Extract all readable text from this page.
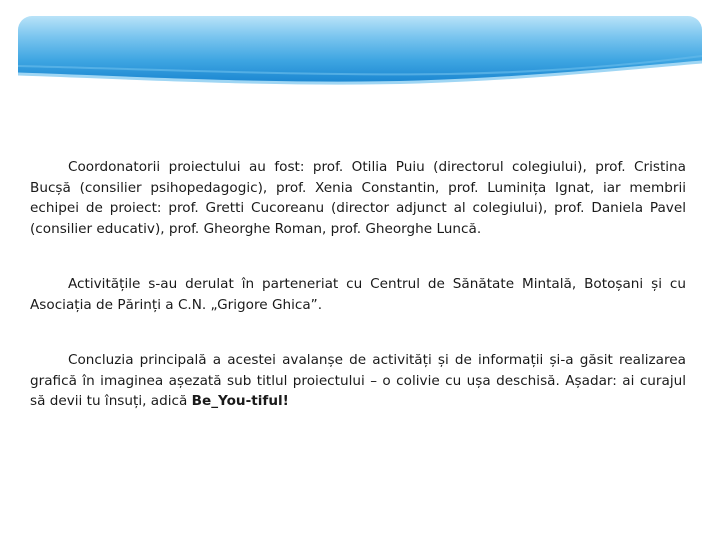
Coordonatorii proiectului au fost: prof. Otilia Puiu (directorul colegiului), prof. Cristina Bucșă (consilier psihopedagogic), prof. Xenia Constantin, prof. Luminița Ignat, iar membrii echipei de proiect: prof. Gretti Cucoreanu (director adjunct al colegiului), prof. Daniela Pavel (consilier educativ), prof. Gheorghe Roman, prof. Gheorghe Luncă.

Activitățile s-au derulat în parteneriat cu Centrul de Sănătate Mintală, Botoșani și cu Asociația de Părinți a C.N. „Grigore Ghica”.

Concluzia principală a acestei avalanșe de activități și de informații și-a găsit realizarea grafică în imaginea așezată sub titlul proiectului – o colivie cu ușa deschisă. Așadar: ai curajul să devii tu însuți, adică Be_You-tiful!
